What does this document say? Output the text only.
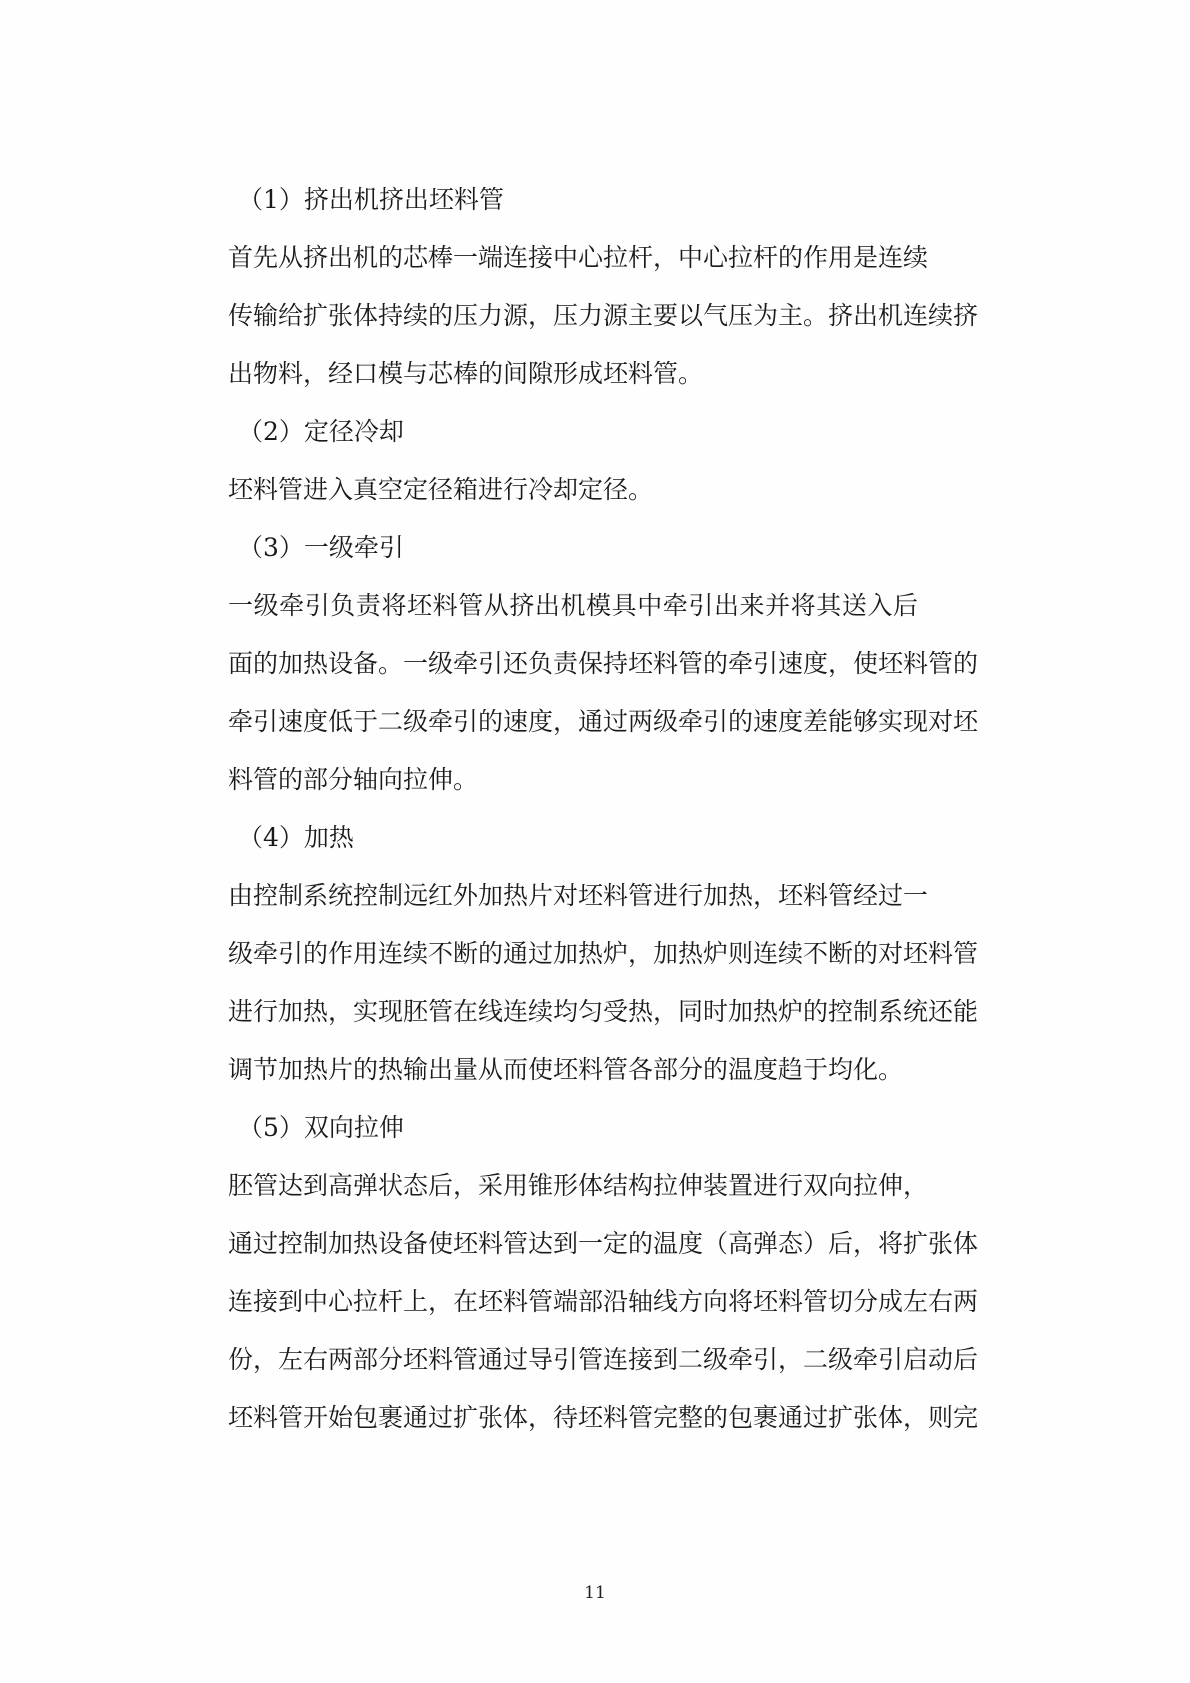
（1）挤出机挤出坯料管
首先从挤出机的芯棒一端连接中心拉杆，中心拉杆的作用是连续
传输给扩张体持续的压力源，压力源主要以气压为主。挤出机连续挤
出物料，经口模与芯棒的间隙形成坯料管。
（2）定径冷却
坯料管进入真空定径箱进行冷却定径。
（3）一级牵引
一级牵引负责将坯料管从挤出机模具中牵引出来并将其送入后
面的加热设备。一级牵引还负责保持坯料管的牵引速度，使坯料管的
牵引速度低于二级牵引的速度，通过两级牵引的速度差能够实现对坯
料管的部分轴向拉伸。
（4）加热
由控制系统控制远红外加热片对坯料管进行加热，坯料管经过一
级牵引的作用连续不断的通过加热炉，加热炉则连续不断的对坯料管
进行加热，实现胚管在线连续均匀受热，同时加热炉的控制系统还能
调节加热片的热输出量从而使坯料管各部分的温度趋于均化。
（5）双向拉伸
胚管达到高弹状态后，采用锥形体结构拉伸装置进行双向拉伸，
通过控制加热设备使坯料管达到一定的温度（高弹态）后，将扩张体
连接到中心拉杆上，在坯料管端部沿轴线方向将坯料管切分成左右两
份，左右两部分坯料管通过导引管连接到二级牵引，二级牵引启动后
坯料管开始包裹通过扩张体，待坯料管完整的包裹通过扩张体，则完
11
